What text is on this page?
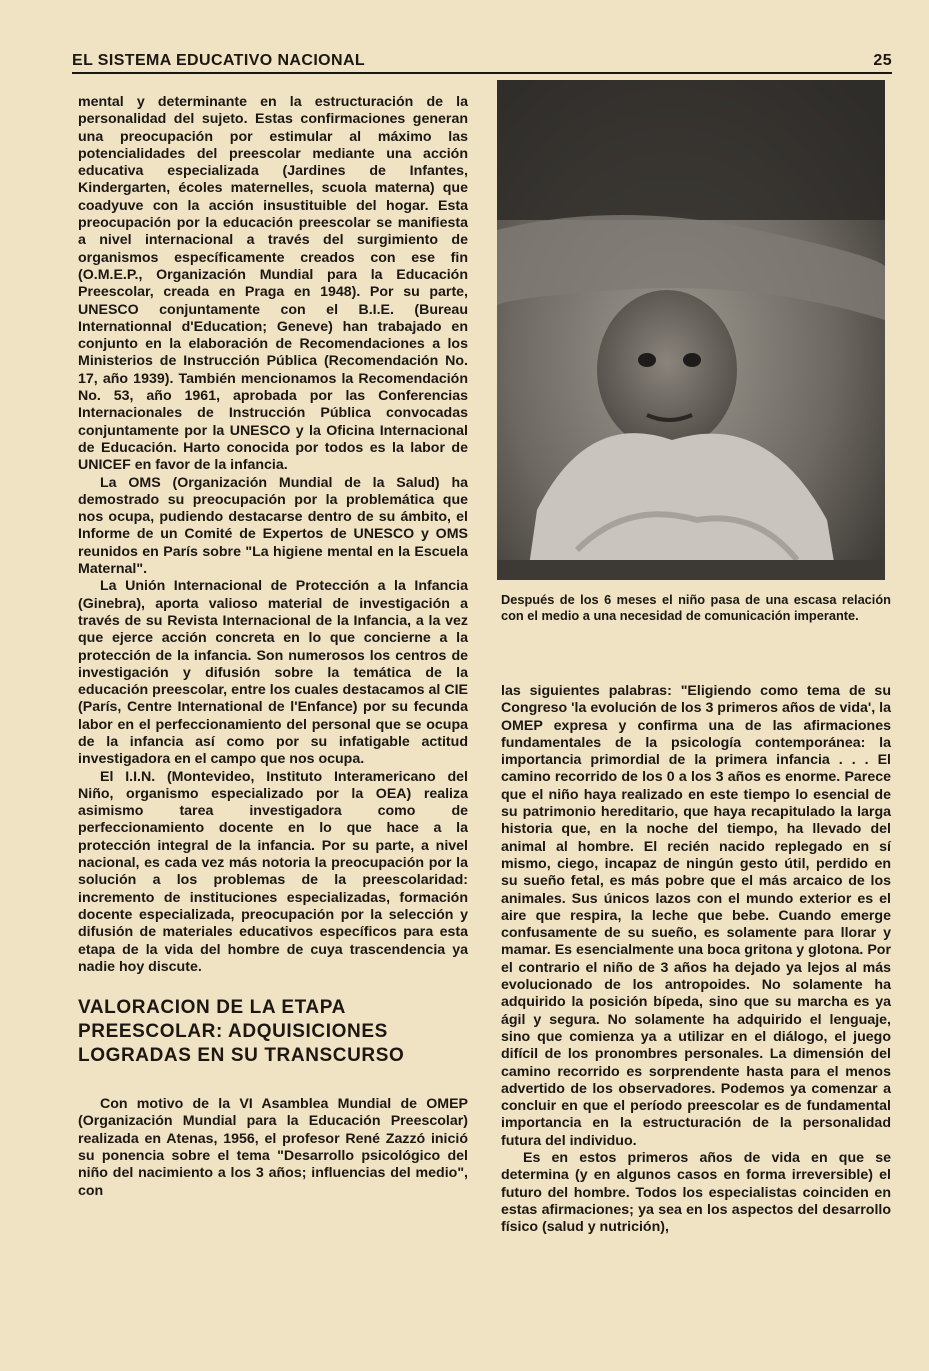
EL SISTEMA EDUCATIVO NACIONAL	25

mental y determinante en la estructuración de la personalidad del sujeto. Estas confirmaciones generan una preocupación por estimular al máximo las potencialidades del preescolar mediante una acción educativa especializada (Jardines de Infantes, Kindergarten, écoles maternelles, scuola materna) que coadyuve con la acción insustituible del hogar. Esta preocupación por la educación preescolar se manifiesta a nivel internacional a través del surgimiento de organismos específicamente creados con ese fin (O.M.E.P., Organización Mundial para la Educación Preescolar, creada en Praga en 1948). Por su parte, UNESCO conjuntamente con el B.I.E. (Bureau Internationnal d'Education; Geneve) han trabajado en conjunto en la elaboración de Recomendaciones a los Ministerios de Instrucción Pública (Recomendación No. 17, año 1939). También mencionamos la Recomendación No. 53, año 1961, aprobada por las Conferencias Internacionales de Instrucción Pública convocadas conjuntamente por la UNESCO y la Oficina Internacional de Educación. Harto conocida por todos es la labor de UNICEF en favor de la infancia.

La OMS (Organización Mundial de la Salud) ha demostrado su preocupación por la problemática que nos ocupa, pudiendo destacarse dentro de su ámbito, el Informe de un Comité de Expertos de UNESCO y OMS reunidos en París sobre "La higiene mental en la Escuela Maternal".

La Unión Internacional de Protección a la Infancia (Ginebra), aporta valioso material de investigación a través de su Revista Internacional de la Infancia, a la vez que ejerce acción concreta en lo que concierne a la protección de la infancia. Son numerosos los centros de investigación y difusión sobre la temática de la educación preescolar, entre los cuales destacamos al CIE (París, Centre International de l'Enfance) por su fecunda labor en el perfeccionamiento del personal que se ocupa de la infancia así como por su infatigable actitud investigadora en el campo que nos ocupa.

El I.I.N. (Montevideo, Instituto Interamericano del Niño, organismo especializado por la OEA) realiza asimismo tarea investigadora como de perfeccionamiento docente en lo que hace a la protección integral de la infancia. Por su parte, a nivel nacional, es cada vez más notoria la preocupación por la solución a los problemas de la preescolaridad: incremento de instituciones especializadas, formación docente especializada, preocupación por la selección y difusión de materiales educativos específicos para esta etapa de la vida del hombre de cuya trascendencia ya nadie hoy discute.

VALORACION DE LA ETAPA PREESCOLAR: ADQUISICIONES LOGRADAS EN SU TRANSCURSO

Con motivo de la VI Asamblea Mundial de OMEP (Organización Mundial para la Educación Preescolar) realizada en Atenas, 1956, el profesor René Zazzó inició su ponencia sobre el tema "Desarrollo psicológico del niño del nacimiento a los 3 años; influencias del medio", con

Después de los 6 meses el niño pasa de una escasa relación con el medio a una necesidad de comunicación imperante.

las siguientes palabras: "Eligiendo como tema de su Congreso 'la evolución de los 3 primeros años de vida', la OMEP expresa y confirma una de las afirmaciones fundamentales de la psicología contemporánea: la importancia primordial de la primera infancia . . . El camino recorrido de los 0 a los 3 años es enorme. Parece que el niño haya realizado en este tiempo lo esencial de su patrimonio hereditario, que haya recapitulado la larga historia que, en la noche del tiempo, ha llevado del animal al hombre. El recién nacido replegado en sí mismo, ciego, incapaz de ningún gesto útil, perdido en su sueño fetal, es más pobre que el más arcaico de los animales. Sus únicos lazos con el mundo exterior es el aire que respira, la leche que bebe. Cuando emerge confusamente de su sueño, es solamente para llorar y mamar. Es esencialmente una boca gritona y glotona. Por el contrario el niño de 3 años ha dejado ya lejos al más evolucionado de los antropoides. No solamente ha adquirido la posición bípeda, sino que su marcha es ya ágil y segura. No solamente ha adquirido el lenguaje, sino que comienza ya a utilizar en el diálogo, el juego difícil de los pronombres personales. La dimensión del camino recorrido es sorprendente hasta para el menos advertido de los observadores. Podemos ya comenzar a concluir en que el período preescolar es de fundamental importancia en la estructuración de la personalidad futura del individuo.

Es en estos primeros años de vida en que se determina (y en algunos casos en forma irreversible) el futuro del hombre. Todos los especialistas coinciden en estas afirmaciones; ya sea en los aspectos del desarrollo físico (salud y nutrición),
